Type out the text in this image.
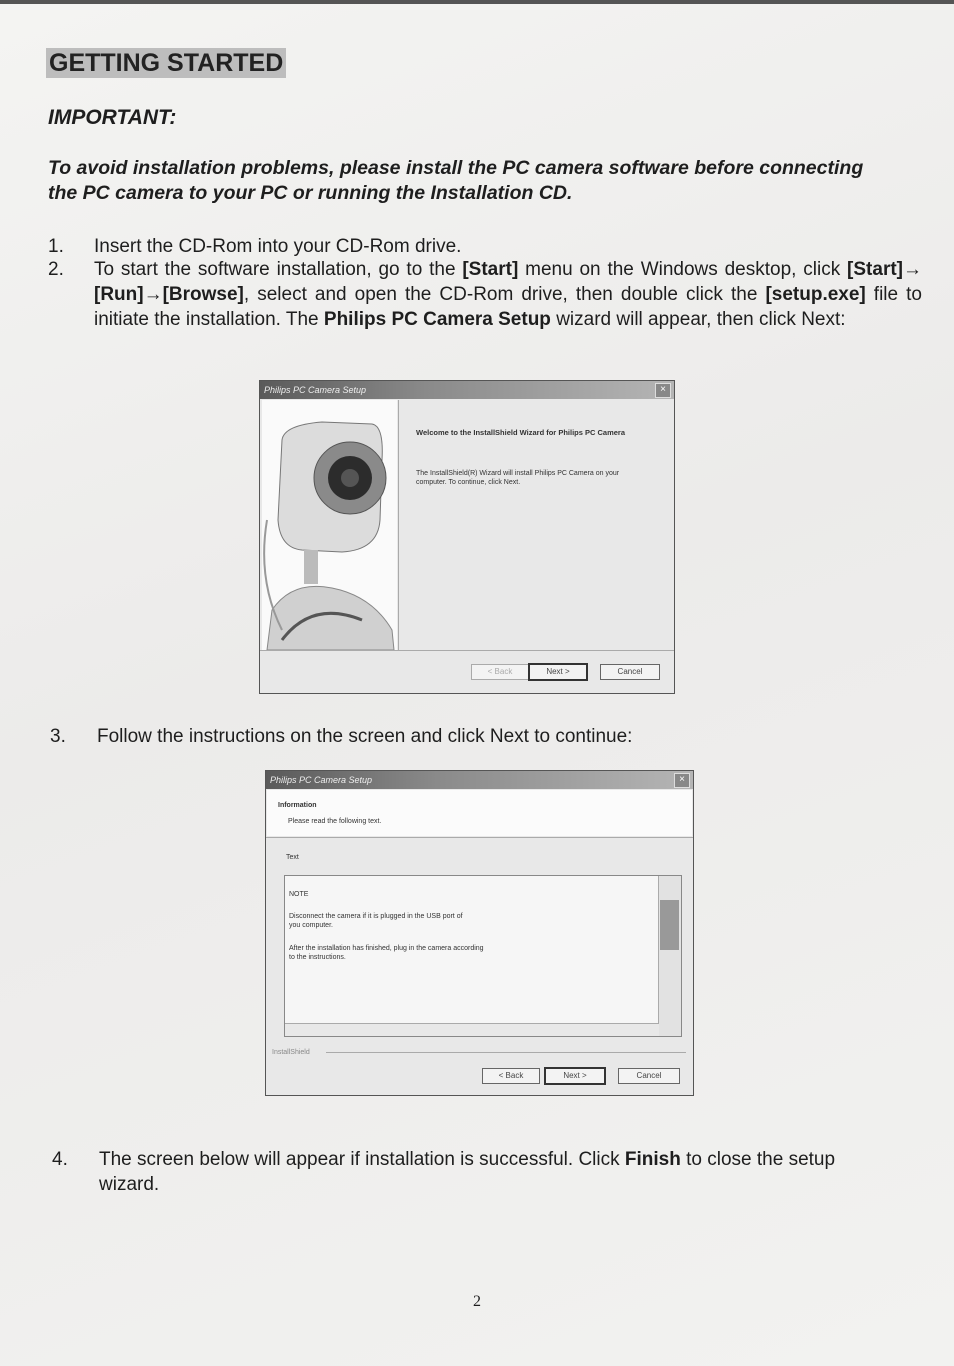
GETTING STARTED
IMPORTANT:
To avoid installation problems, please install the PC camera software before connecting the PC camera to your PC or running the Installation CD.
1. Insert the CD-Rom into your CD-Rom drive.
2. To start the software installation, go to the [Start] menu on the Windows desktop, click [Start]→ [Run]→[Browse], select and open the CD-Rom drive, then double click the [setup.exe] file to initiate the installation. The Philips PC Camera Setup wizard will appear, then click Next:
Philips PC Camera Setup	×
Welcome to the InstallShield Wizard for Philips PC Camera
The InstallShield(R) Wizard will install Philips PC Camera on your computer. To continue, click Next.
< Back	Next >	Cancel
3. Follow the instructions on the screen and click Next to continue:
Philips PC Camera Setup	×
Information
Please read the following text.
Text
NOTE
Disconnect the camera if it is plugged in the USB port of you computer.
After the installation has finished, plug in the camera according to the instructions.
InstallShield
< Back	Next >	Cancel
4. The screen below will appear if installation is successful. Click Finish to close the setup wizard.
2
